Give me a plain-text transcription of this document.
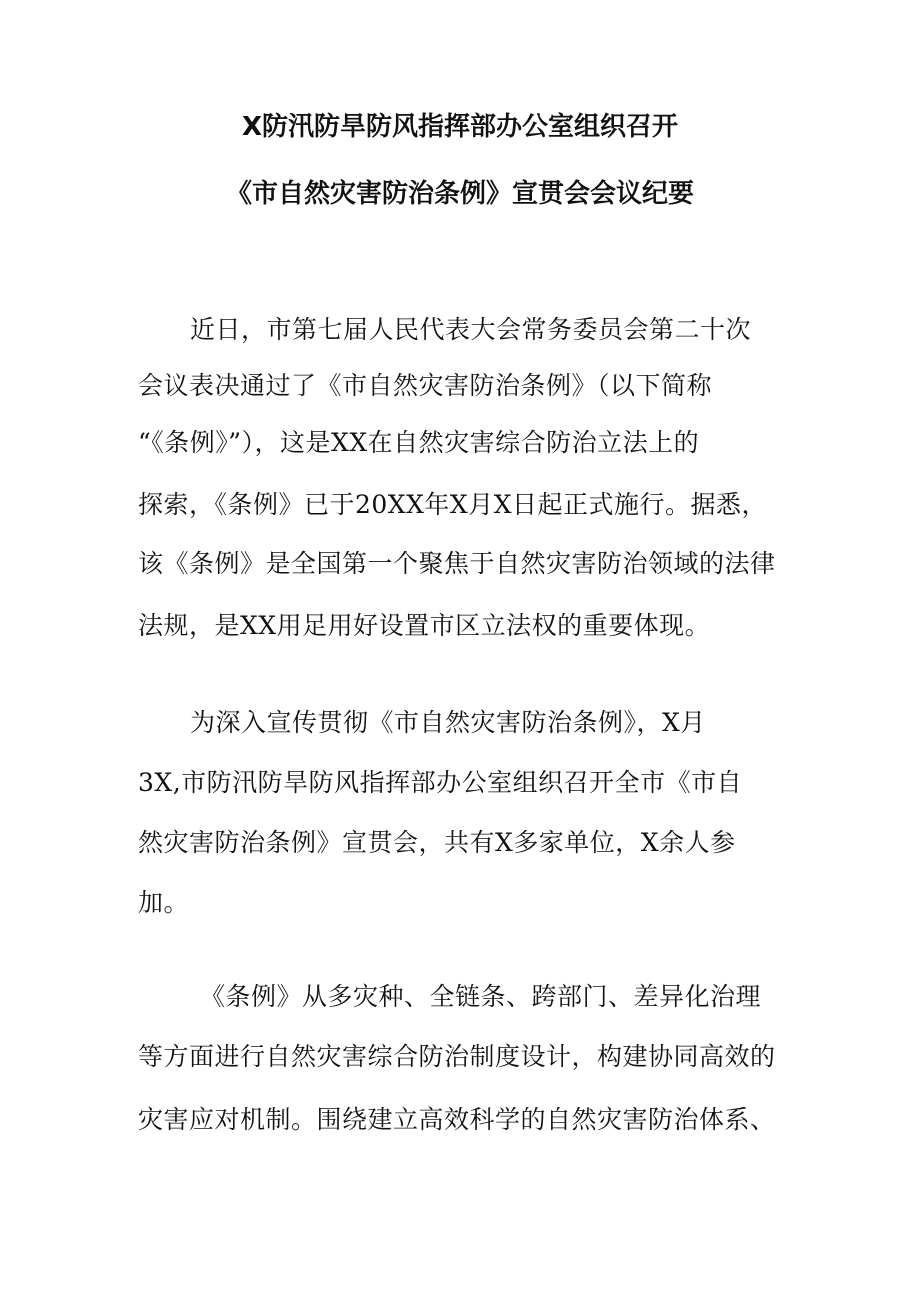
X防汛防旱防风指挥部办公室组织召开
《市自然灾害防治条例》宣贯会会议纪要
近日，市第七届人民代表大会常务委员会第二十次
会议表决通过了《市自然灾害防治条例》（以下简称
“《条例》”），这是XX在自然灾害综合防治立法上的
探索，《条例》已于20XX年X月X日起正式施行。据悉，
该《条例》是全国第一个聚焦于自然灾害防治领域的法律
法规，是XX用足用好设置市区立法权的重要体现。
为深入宣传贯彻《市自然灾害防治条例》，X月
3X,市防汛防旱防风指挥部办公室组织召开全市《市自
然灾害防治条例》宣贯会，共有X多家单位，X余人参
加。
《条例》从多灾种、全链条、跨部门、差异化治理
等方面进行自然灾害综合防治制度设计，构建协同高效的
灾害应对机制。围绕建立高效科学的自然灾害防治体系、
